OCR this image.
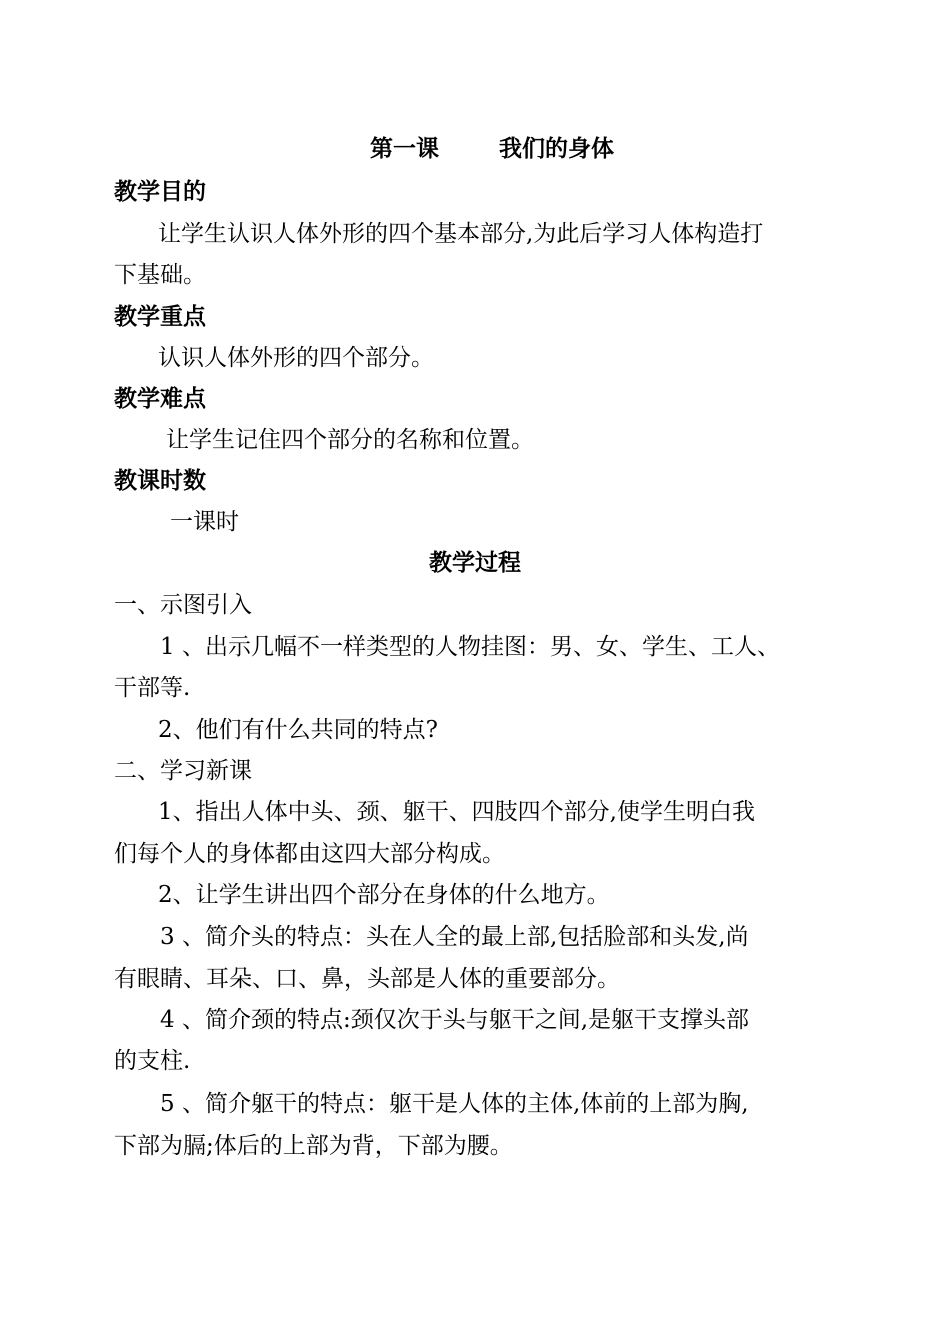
第一课	我们的身体
教学目的
让学生认识人体外形的四个基本部分,为此后学习人体构造打
下基础。
教学重点
认识人体外形的四个部分。
教学难点
让学生记住四个部分的名称和位置。
教课时数
一课时
教学过程
一、示图引入
1 、出示几幅不一样类型的人物挂图：男、女、学生、工人、
干部等.
2、他们有什么共同的特点?
二、学习新课
1、指出人体中头、颈、躯干、四肢四个部分,使学生明白我
们每个人的身体都由这四大部分构成。
2、让学生讲出四个部分在身体的什么地方。
3 、简介头的特点：头在人全的最上部,包括脸部和头发,尚
有眼睛、耳朵、口、鼻，头部是人体的重要部分。
4 、简介颈的特点:颈仅次于头与躯干之间,是躯干支撑头部
的支柱.
5 、简介躯干的特点：躯干是人体的主体,体前的上部为胸,
下部为膈;体后的上部为背，下部为腰。
